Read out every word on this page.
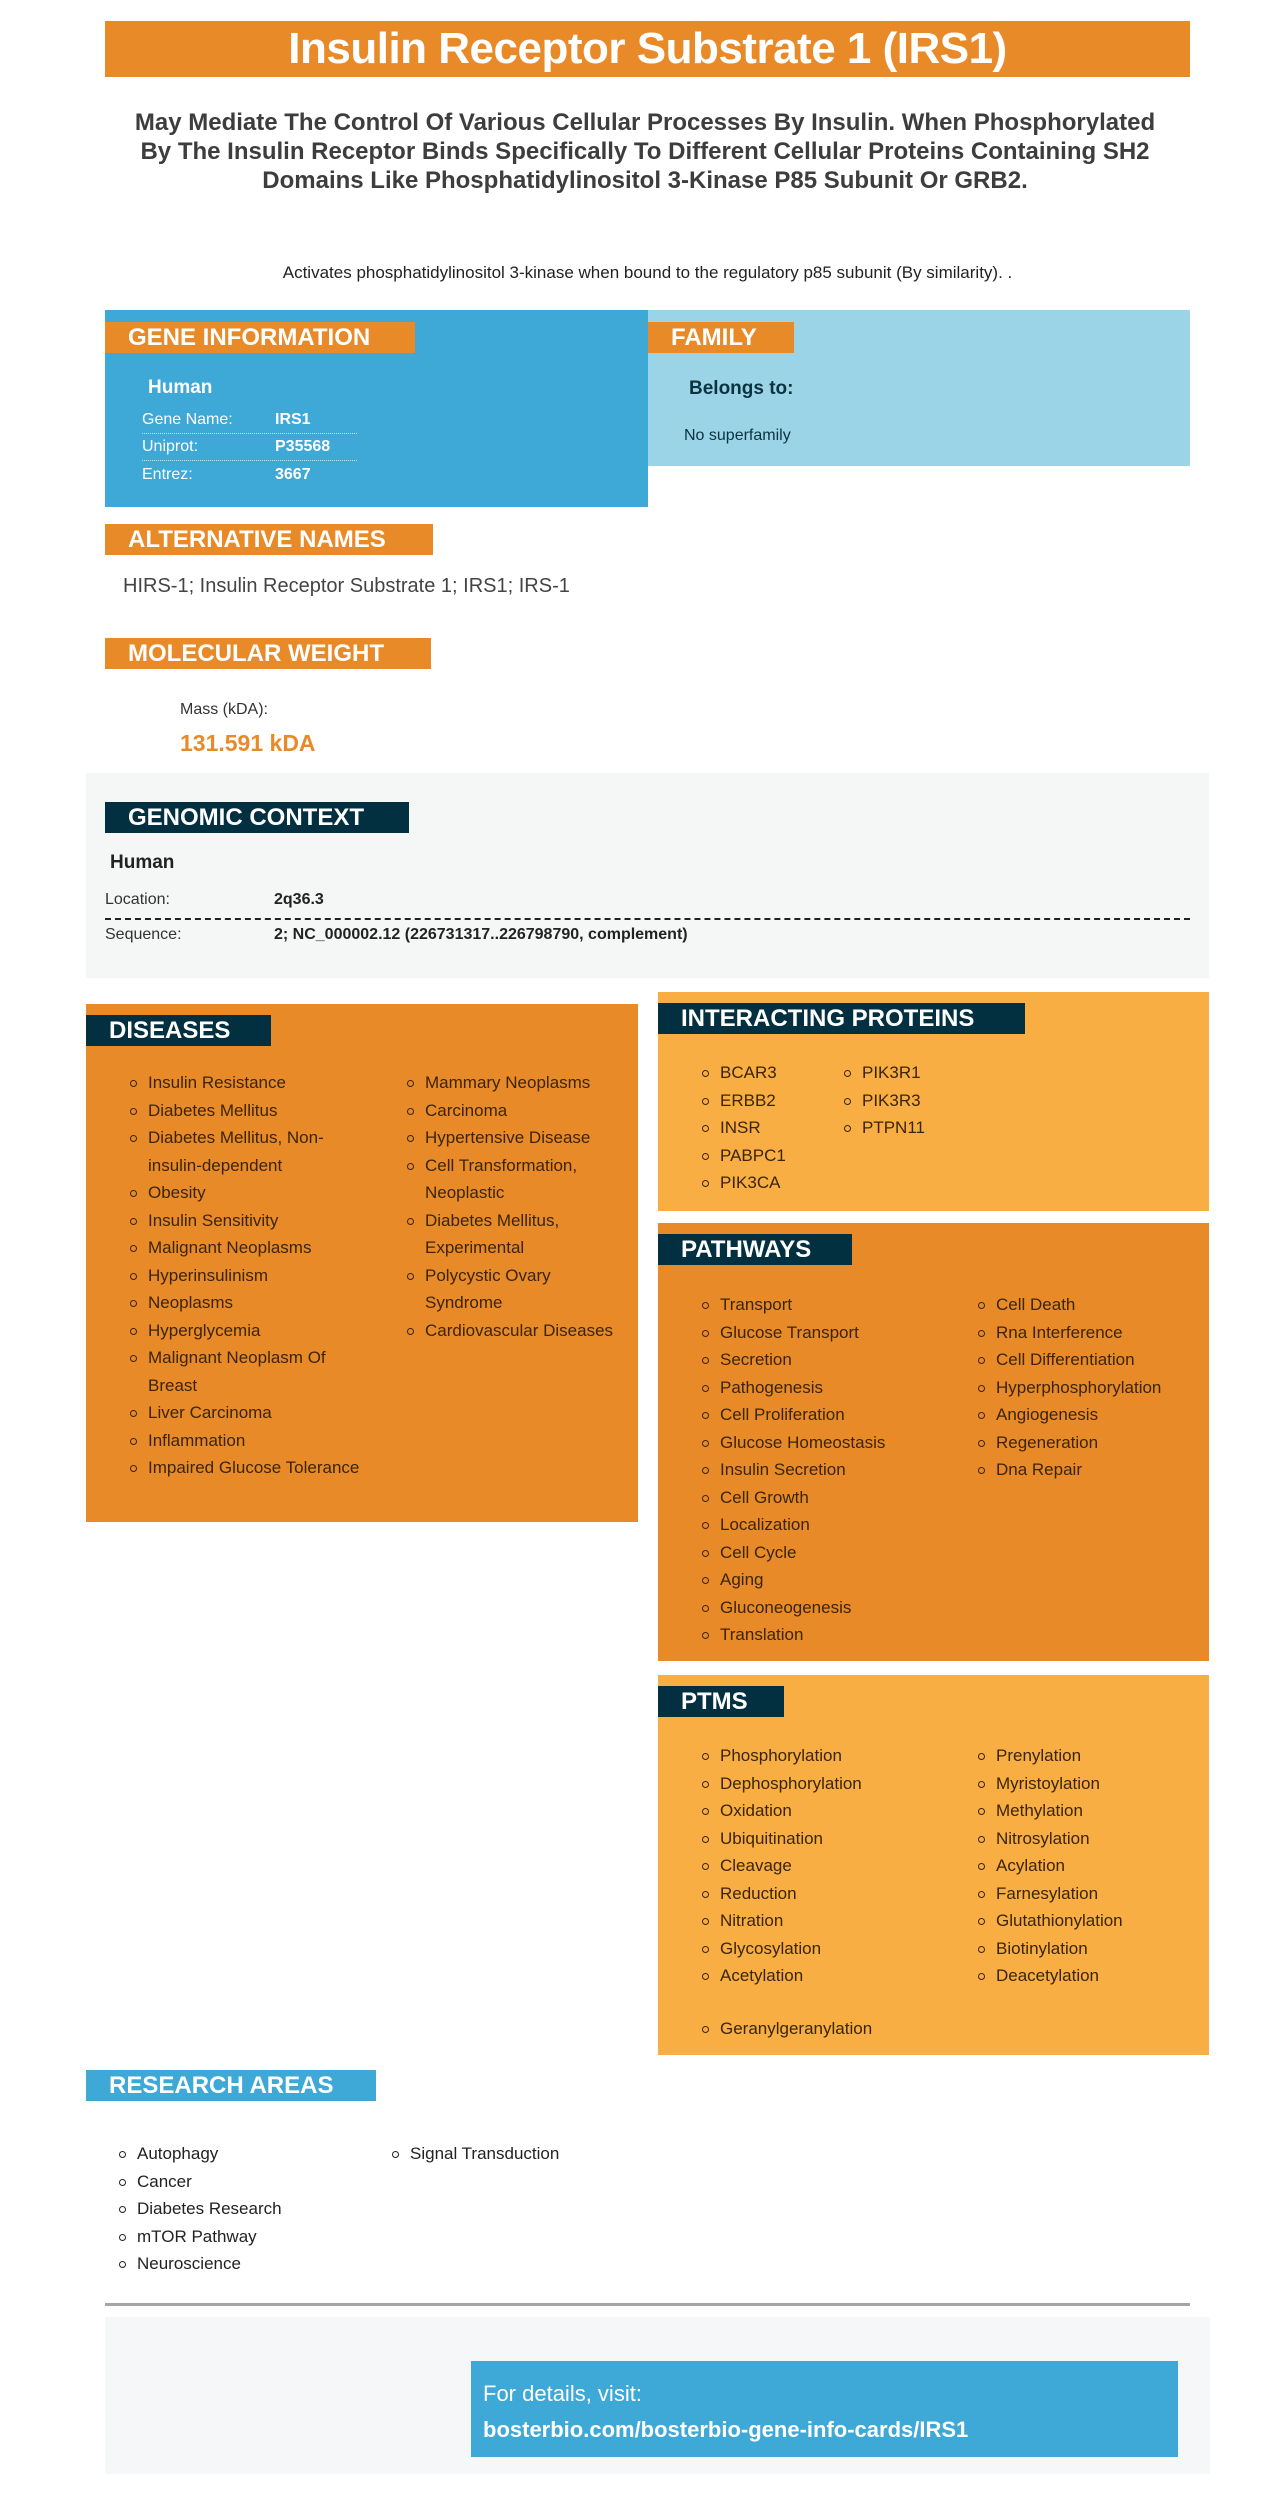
Insulin Receptor Substrate 1 (IRS1)
May Mediate The Control Of Various Cellular Processes By Insulin. When Phosphorylated By The Insulin Receptor Binds Specifically To Different Cellular Proteins Containing SH2 Domains Like Phosphatidylinositol 3-Kinase P85 Subunit Or GRB2.
Activates phosphatidylinositol 3-kinase when bound to the regulatory p85 subunit (By similarity). .
GENE INFORMATION
Human
Gene Name:	IRS1
Uniprot:	P35568
Entrez:	3667
FAMILY
Belongs to:
No superfamily
ALTERNATIVE NAMES
HIRS-1; Insulin Receptor Substrate 1; IRS1; IRS-1
MOLECULAR WEIGHT
Mass (kDA):
131.591 kDA
GENOMIC CONTEXT
Human
Location:	2q36.3
Sequence:	2; NC_000002.12 (226731317..226798790, complement)
DISEASES
Insulin Resistance
Diabetes Mellitus
Diabetes Mellitus, Non-insulin-dependent
Obesity
Insulin Sensitivity
Malignant Neoplasms
Hyperinsulinism
Neoplasms
Hyperglycemia
Malignant Neoplasm Of Breast
Liver Carcinoma
Inflammation
Impaired Glucose Tolerance
Mammary Neoplasms
Carcinoma
Hypertensive Disease
Cell Transformation, Neoplastic
Diabetes Mellitus, Experimental
Polycystic Ovary Syndrome
Cardiovascular Diseases
INTERACTING PROTEINS
BCAR3
ERBB2
INSR
PABPC1
PIK3CA
PIK3R1
PIK3R3
PTPN11
PATHWAYS
Transport
Glucose Transport
Secretion
Pathogenesis
Cell Proliferation
Glucose Homeostasis
Insulin Secretion
Cell Growth
Localization
Cell Cycle
Aging
Gluconeogenesis
Translation
Cell Death
Rna Interference
Cell Differentiation
Hyperphosphorylation
Angiogenesis
Regeneration
Dna Repair
PTMS
Phosphorylation
Dephosphorylation
Oxidation
Ubiquitination
Cleavage
Reduction
Nitration
Glycosylation
Acetylation
Prenylation
Myristoylation
Methylation
Nitrosylation
Acylation
Farnesylation
Glutathionylation
Biotinylation
Deacetylation
Geranylgeranylation
RESEARCH AREAS
Autophagy
Cancer
Diabetes Research
mTOR Pathway
Neuroscience
Signal Transduction
For details, visit:
bosterbio.com/bosterbio-gene-info-cards/IRS1
